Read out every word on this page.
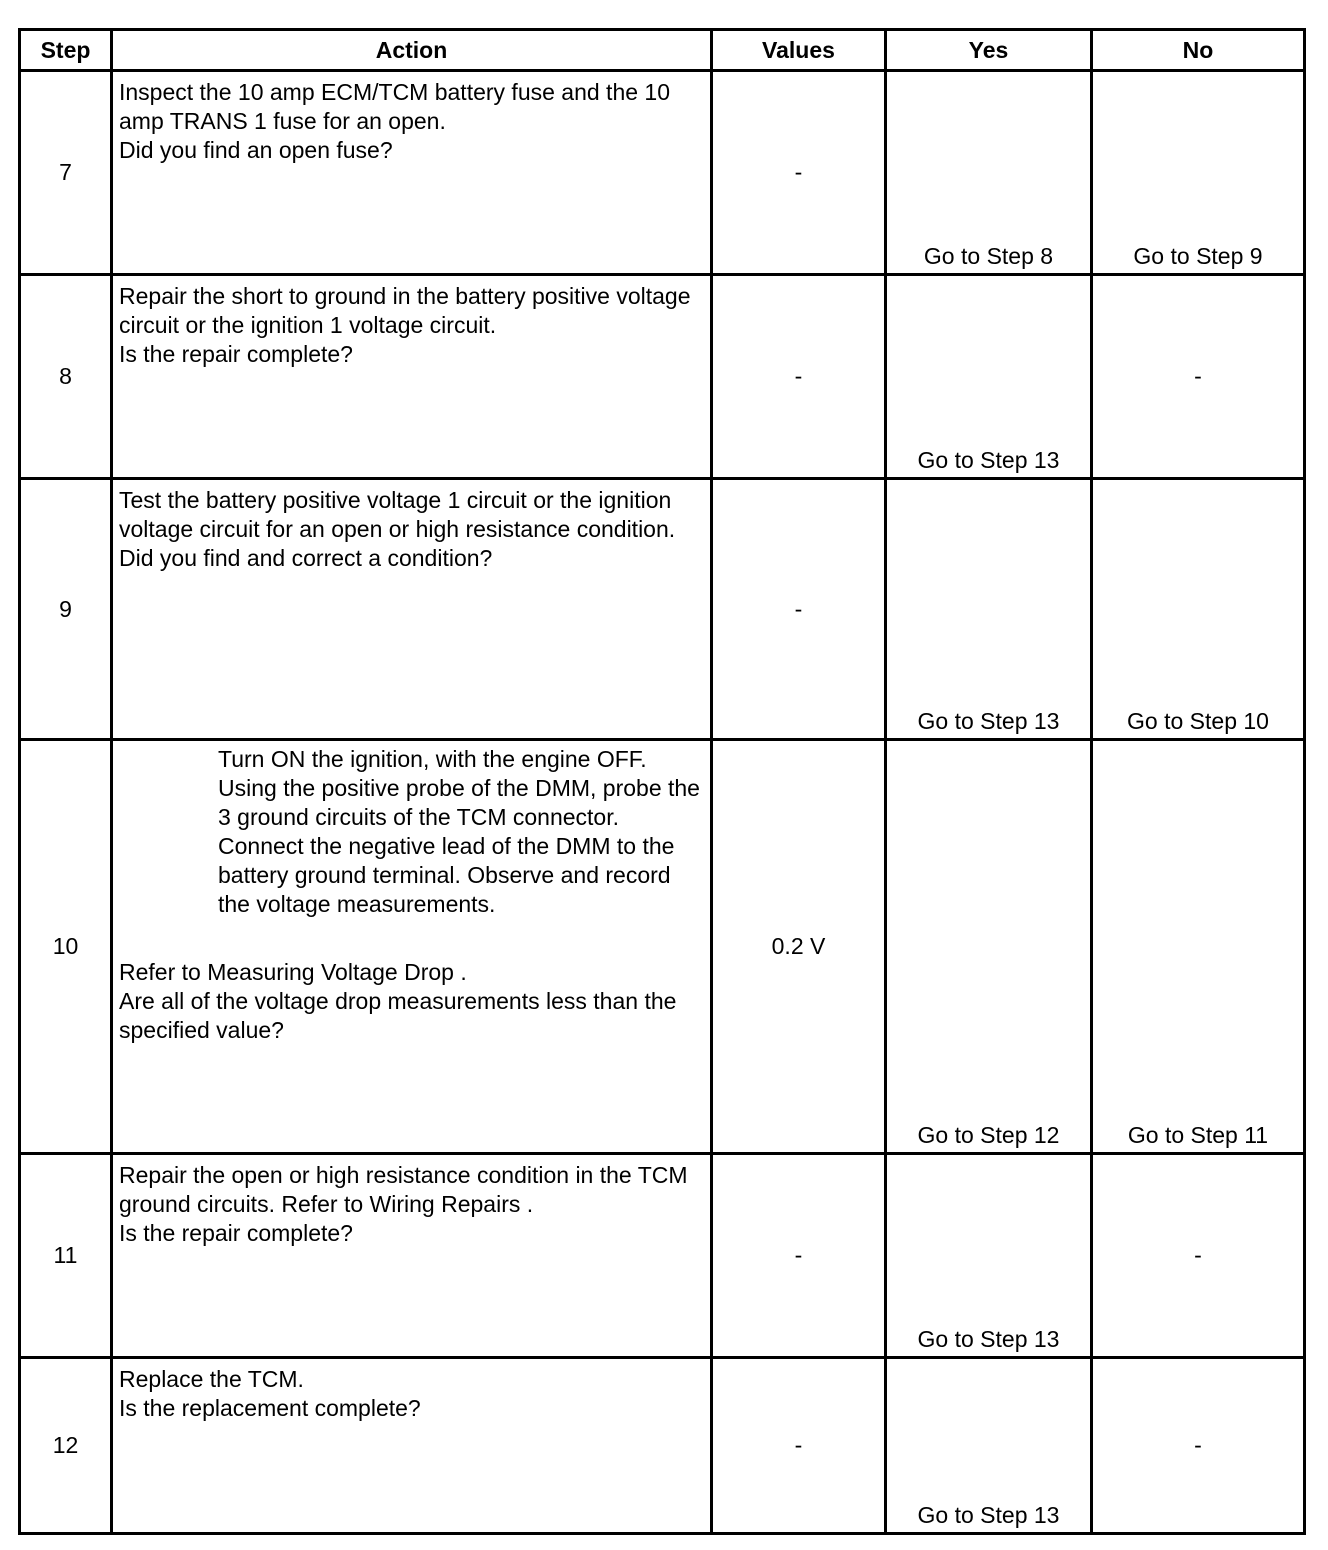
Step	Action	Values	Yes	No
7	Inspect the 10 amp ECM/TCM battery fuse and the 10 amp TRANS 1 fuse for an open.
Did you find an open fuse?	-	Go to Step 8	Go to Step 9

8	Repair the short to ground in the battery positive voltage circuit or the ignition 1 voltage circuit.
Is the repair complete?	-	Go to Step 13	-
9	Test the battery positive voltage 1 circuit or the ignition voltage circuit for an open or high resistance condition.
Did you find and correct a condition?	-	Go to Step 13	Go to Step 10

10	Turn ON the ignition, with the engine OFF. Using the positive probe of the DMM, probe the 3 ground circuits of the TCM connector. Connect the negative lead of the DMM to the battery ground terminal. Observe and record the voltage measurements.
Refer to Measuring Voltage Drop .
Are all of the voltage drop measurements less than the specified value?	0.2 V	Go to Step 12	Go to Step 11

11	Repair the open or high resistance condition in the TCM ground circuits. Refer to Wiring Repairs .
Is the repair complete?	-	Go to Step 13	-
12	Replace the TCM.
Is the replacement complete?	-	Go to Step 13	-
